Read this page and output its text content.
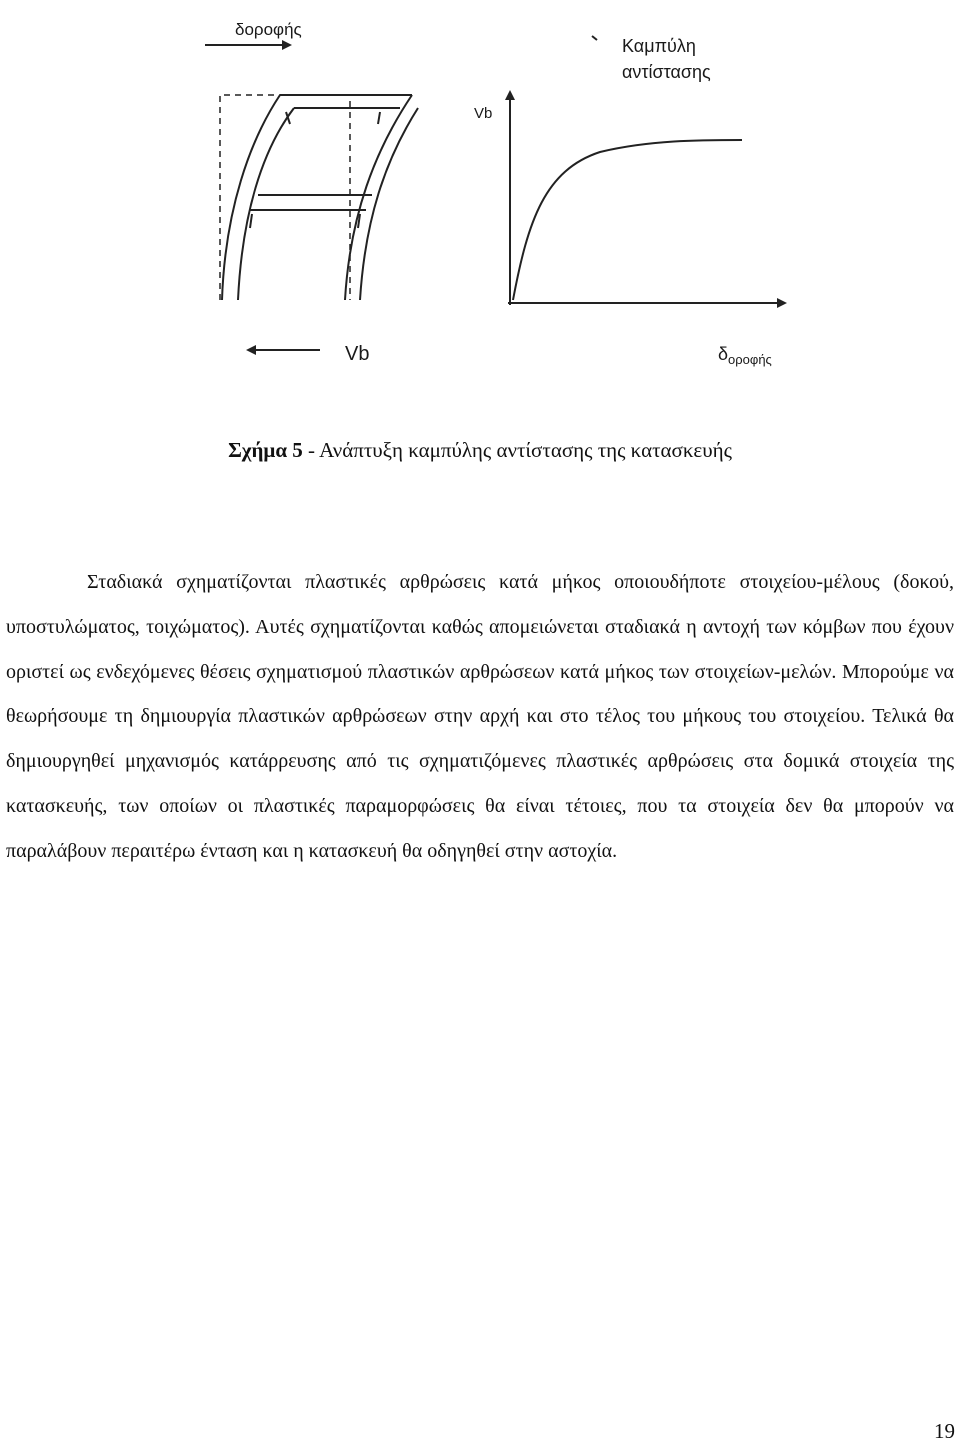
δοροφής
Vb
Καμπύλη
αντίστασης
Vb
$\delta_{o\rho o\varphi ή\varsigma}$
Σχήμα 5 - Ανάπτυξη καμπύλης αντίστασης της κατασκευής

Σταδιακά σχηματίζονται πλαστικές αρθρώσεις κατά μήκος οποιουδήποτε στοιχείου-μέλους (δοκού, υποστυλώματος, τοιχώματος). Αυτές σχηματίζονται καθώς απομειώνεται σταδιακά η αντοχή των κόμβων που έχουν οριστεί ως ενδεχόμενες θέσεις σχηματισμού πλαστικών αρθρώσεων κατά μήκος των στοιχείων-μελών. Μπορούμε να θεωρήσουμε τη δημιουργία πλαστικών αρθρώσεων στην αρχή και στο τέλος του μήκους του στοιχείου. Τελικά θα δημιουργηθεί μηχανισμός κατάρρευσης από τις σχηματιζόμενες πλαστικές αρθρώσεις στα δομικά στοιχεία της κατασκευής, των οποίων οι πλαστικές παραμορφώσεις θα είναι τέτοιες, που τα στοιχεία δεν θα μπορούν να παραλάβουν περαιτέρω ένταση και η κατασκευή θα οδηγηθεί στην αστοχία.

19
